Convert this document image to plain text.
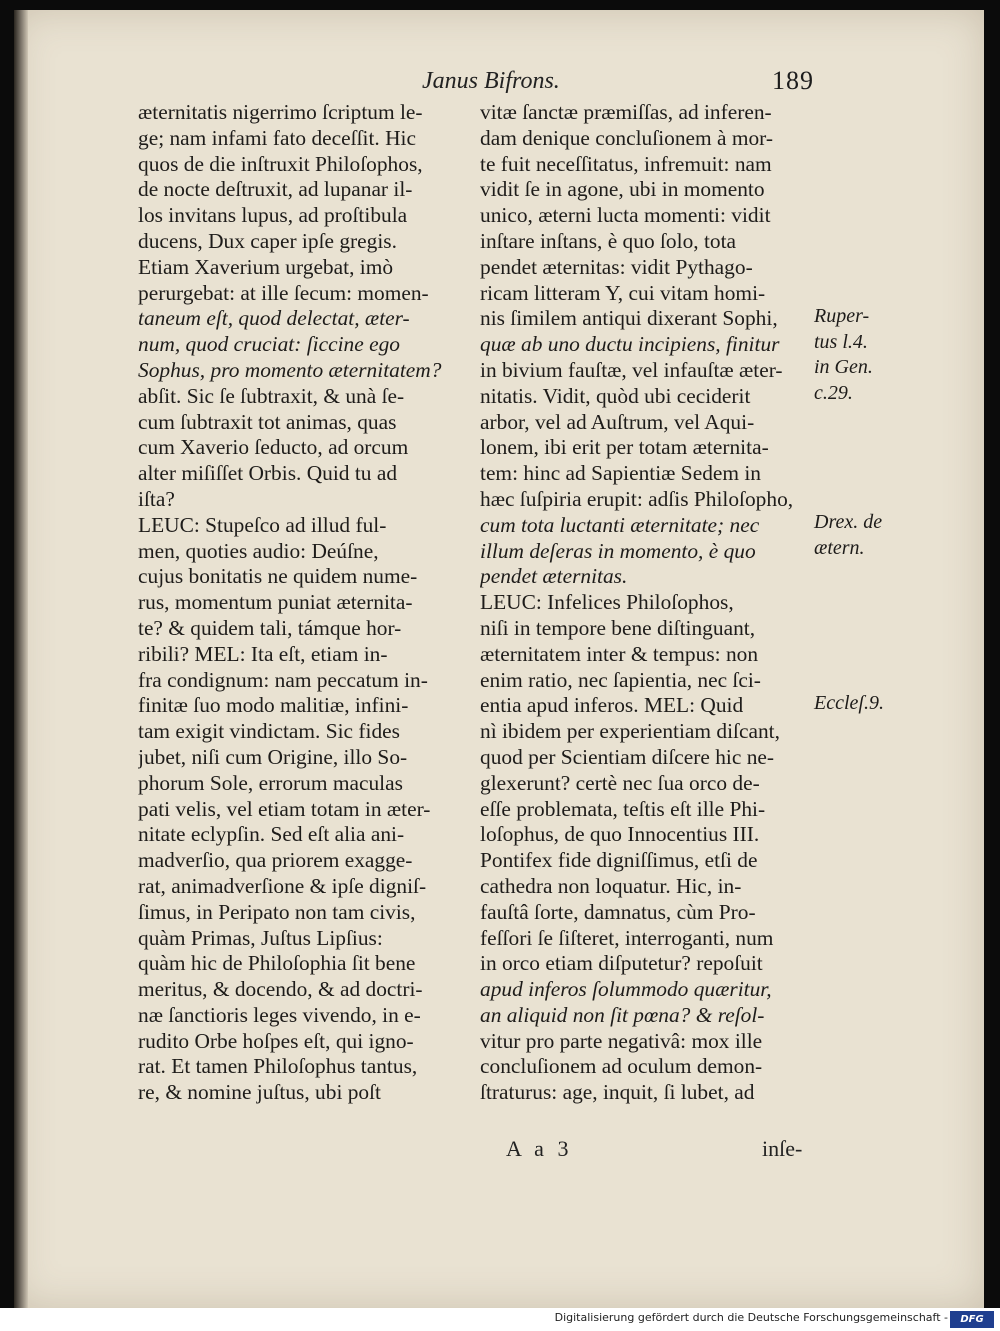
Janus Bifrons.	189
æternitatis nigerrimo ſcriptum le-
ge; nam infami fato deceſſit. Hic
quos de die inſtruxit Philoſophos,
de nocte deſtruxit, ad lupanar il-
los invitans lupus, ad proſtibula
ducens, Dux caper ipſe gregis.
Etiam Xaverium urgebat, imò
perurgebat: at ille ſecum: momen-
taneum eſt, quod delectat, æter-
num, quod cruciat: ſiccine ego
Sophus, pro momento æternitatem?
abſit. Sic ſe ſubtraxit, & unà ſe-
cum ſubtraxit tot animas, quas
cum Xaverio ſeducto, ad orcum
alter miſiſſet Orbis. Quid tu ad
iſta?
LEUC: Stupeſco ad illud ful-
men, quoties audio: Deúſne,
cujus bonitatis ne quidem nume-
rus, momentum puniat æternita-
te? & quidem tali, támque hor-
ribili? MEL: Ita eſt, etiam in-
fra condignum: nam peccatum in-
finitæ ſuo modo malitiæ, infini-
tam exigit vindictam. Sic fides
jubet, niſi cum Origine, illo So-
phorum Sole, errorum maculas
pati velis, vel etiam totam in æter-
nitate eclypſin. Sed eſt alia ani-
madverſio, qua priorem exagge-
rat, animadverſione & ipſe digniſ-
ſimus, in Peripato non tam civis,
quàm Primas, Juſtus Lipſius:
quàm hic de Philoſophia ſit bene
meritus, & docendo, & ad doctri-
næ ſanctioris leges vivendo, in e-
rudito Orbe hoſpes eſt, qui igno-
rat. Et tamen Philoſophus tantus,
re, & nomine juſtus, ubi poſt
vitæ ſanctæ præmiſſas, ad inferen-
dam denique concluſionem à mor-
te fuit neceſſitatus, infremuit: nam
vidit ſe in agone, ubi in momento
unico, æterni lucta momenti: vidit
inſtare inſtans, è quo ſolo, tota
pendet æternitas: vidit Pythago-
ricam litteram Y, cui vitam homi-
nis ſimilem antiqui dixerant Sophi,
quæ ab uno ductu incipiens, finitur
in bivium fauſtæ, vel infauſtæ æter-
nitatis. Vidit, quòd ubi ceciderit
arbor, vel ad Auſtrum, vel Aqui-
lonem, ibi erit per totam æternita-
tem: hinc ad Sapientiæ Sedem in
hæc ſuſpiria erupit: adſis Philoſopho,
cum tota luctanti æternitate; nec
illum deſeras in momento, è quo
pendet æternitas.
LEUC: Infelices Philoſophos,
niſi in tempore bene diſtinguant,
æternitatem inter & tempus: non
enim ratio, nec ſapientia, nec ſci-
entia apud inferos. MEL: Quid
nì ibidem per experientiam diſcant,
quod per Scientiam diſcere hic ne-
glexerunt? certè nec ſua orco de-
eſſe problemata, teſtis eſt ille Phi-
loſophus, de quo Innocentius III.
Pontifex fide digniſſimus, etſi de
cathedra non loquatur. Hic, in-
fauſtâ ſorte, damnatus, cùm Pro-
feſſori ſe ſiſteret, interroganti, num
in orco etiam diſputetur? repoſuit
apud inferos ſolummodo quæritur,
an aliquid non ſit pœna? & reſol-
vitur pro parte negativâ: mox ille
concluſionem ad oculum demon-
ſtraturus: age, inquit, ſi lubet, ad
Ruper-
tus l.4.
in Gen.
c.29.
Drex. de
ætern.
Eccleſ.9.
A a 3	inſe-
Digitalisierung gefördert durch die Deutsche Forschungsgemeinschaft -	DFG
